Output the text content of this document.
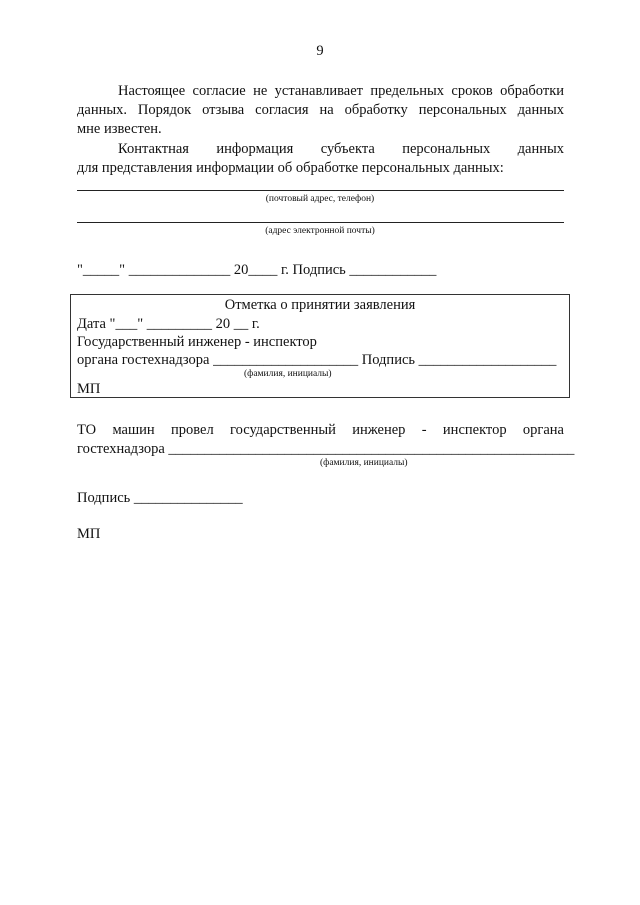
9
Настоящее согласие не устанавливает предельных сроков обработки
данных. Порядок отзыва согласия на обработку персональных данных
мне известен.
Контактная информация субъекта персональных данных
для представления информации об обработке персональных данных:
(почтовый адрес, телефон)
(адрес электронной почты)
"_____" ______________ 20____ г. Подпись ____________
Отметка о принятии заявления
Дата "___" _________ 20 __ г.
Государственный инженер - инспектор
органа гостехнадзора ____________________ Подпись ___________________
(фамилия, инициалы)
МП
ТО машин провел государственный инженер - инспектор органа
гостехнадзора ________________________________________________________
(фамилия, инициалы)
Подпись _______________
МП
